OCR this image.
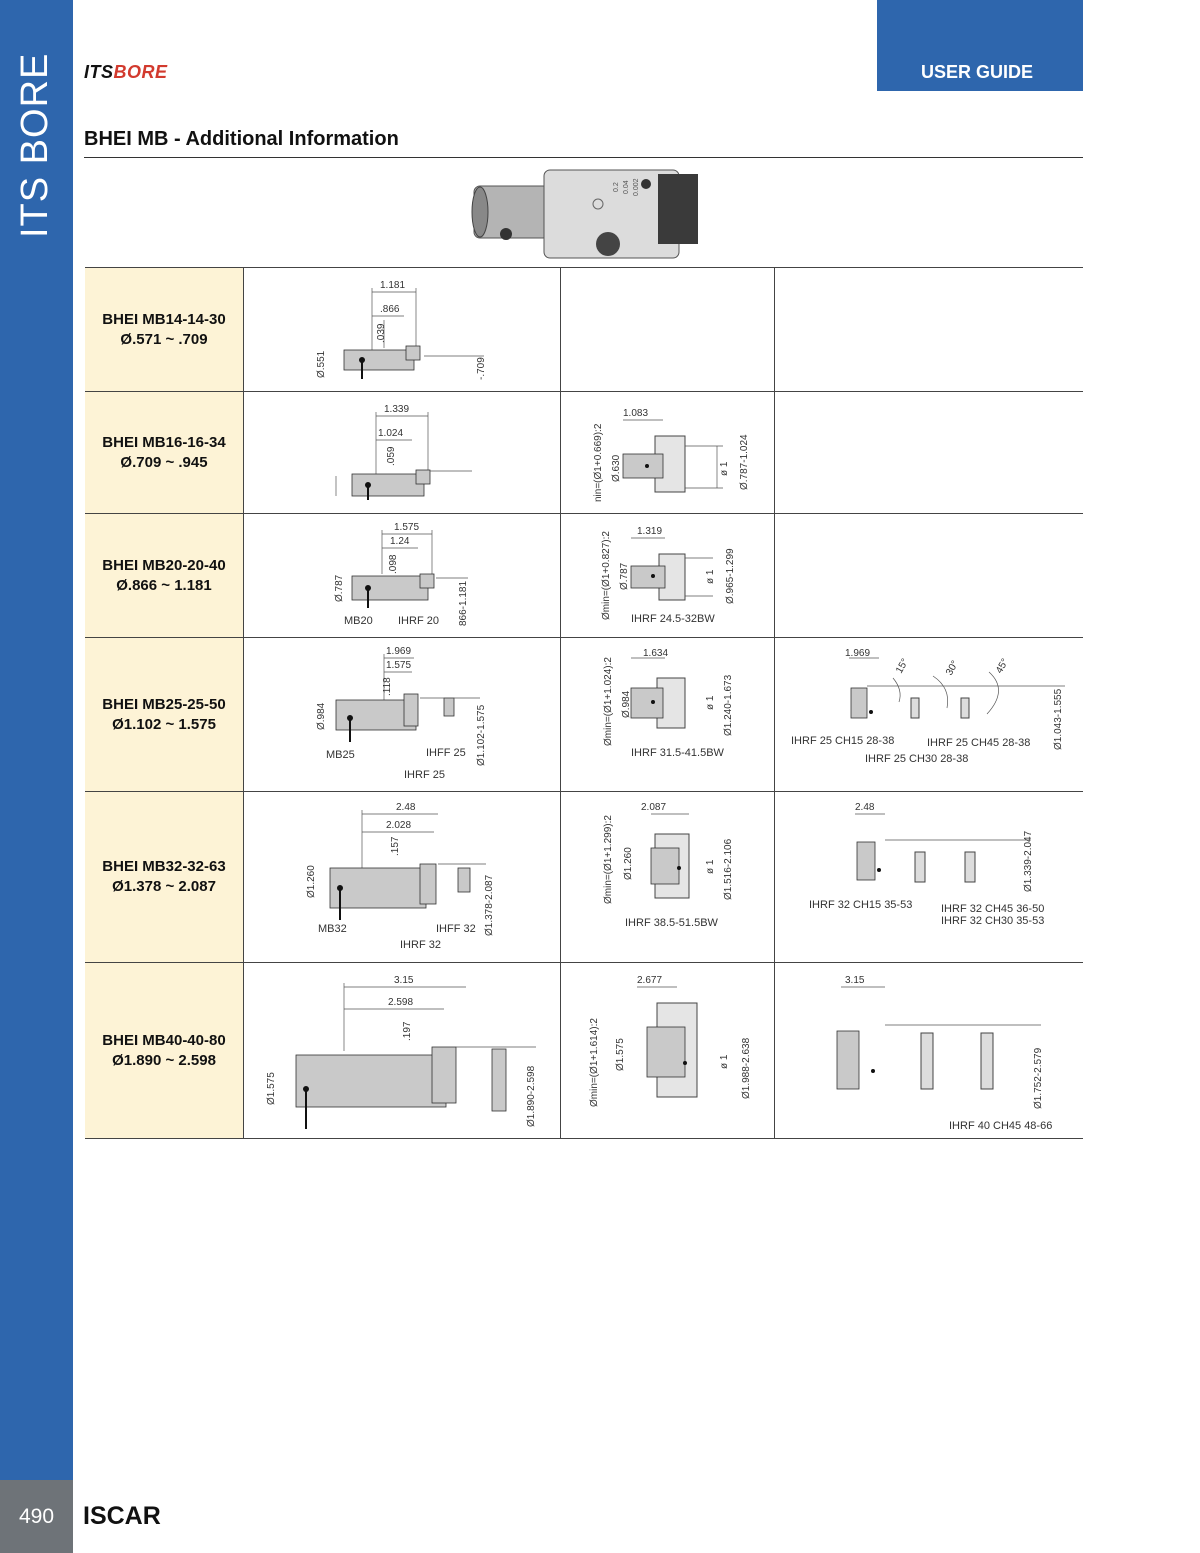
ITS BORE
490	ISCAR
USER GUIDE
ITSBORE
BHEI MB - Additional Information
0.2 0.04 0.002
BHEI MB14-14-30
Ø.571 ~ .709
1.181
.866
.039
Ø.551	-.709
BHEI MB16-16-34
Ø.709 ~ .945
1.339
1.024
.059
1.083
nin=(Ø1+0.669):2 Ø.630	ø 1 Ø.787-1.024
BHEI MB20-20-40
Ø.866 ~ 1.181
1.575
1.24
.098
Ø.787	866-1.181
MB20 IHRF 20
1.319
Ømin=(Ø1+0.827):2 Ø.787	ø 1 Ø.965-1.299
IHRF 24.5-32BW
BHEI MB25-25-50
Ø1.102 ~ 1.575
1.969
1.575
.118
Ø.984	Ø1.102-1.575
MB25	IHFF 25
IHRF 25
1.634
Ømin=(Ø1+1.024):2 Ø.984	ø 1 Ø1.240-1.673
IHRF 31.5-41.5BW
1.969
15°	30°	45°
Ø1.043-1.555
IHRF 25 CH15 28-38	IHRF 25 CH45 28-38
IHRF 25 CH30 28-38
BHEI MB32-32-63
Ø1.378 ~ 2.087
2.48
2.028
.157
Ø1.260	Ø1.378-2.087
MB32	IHFF 32
IHRF 32
2.087
Ømin=(Ø1+1.299):2 Ø1.260	ø 1 Ø1.516-2.106
IHRF 38.5-51.5BW
2.48
Ø1.339-2.047
IHRF 32 CH15 35-53	IHRF 32 CH45 36-50
IHRF 32 CH30 35-53
BHEI MB40-40-80
Ø1.890 ~ 2.598
3.15
2.598
.197
Ø1.575	Ø1.890-2.598
2.677
Ømin=(Ø1+1.614):2 Ø1.575	ø 1 Ø1.988-2.638
3.15
Ø1.752-2.579
IHRF 40 CH45 48-66
